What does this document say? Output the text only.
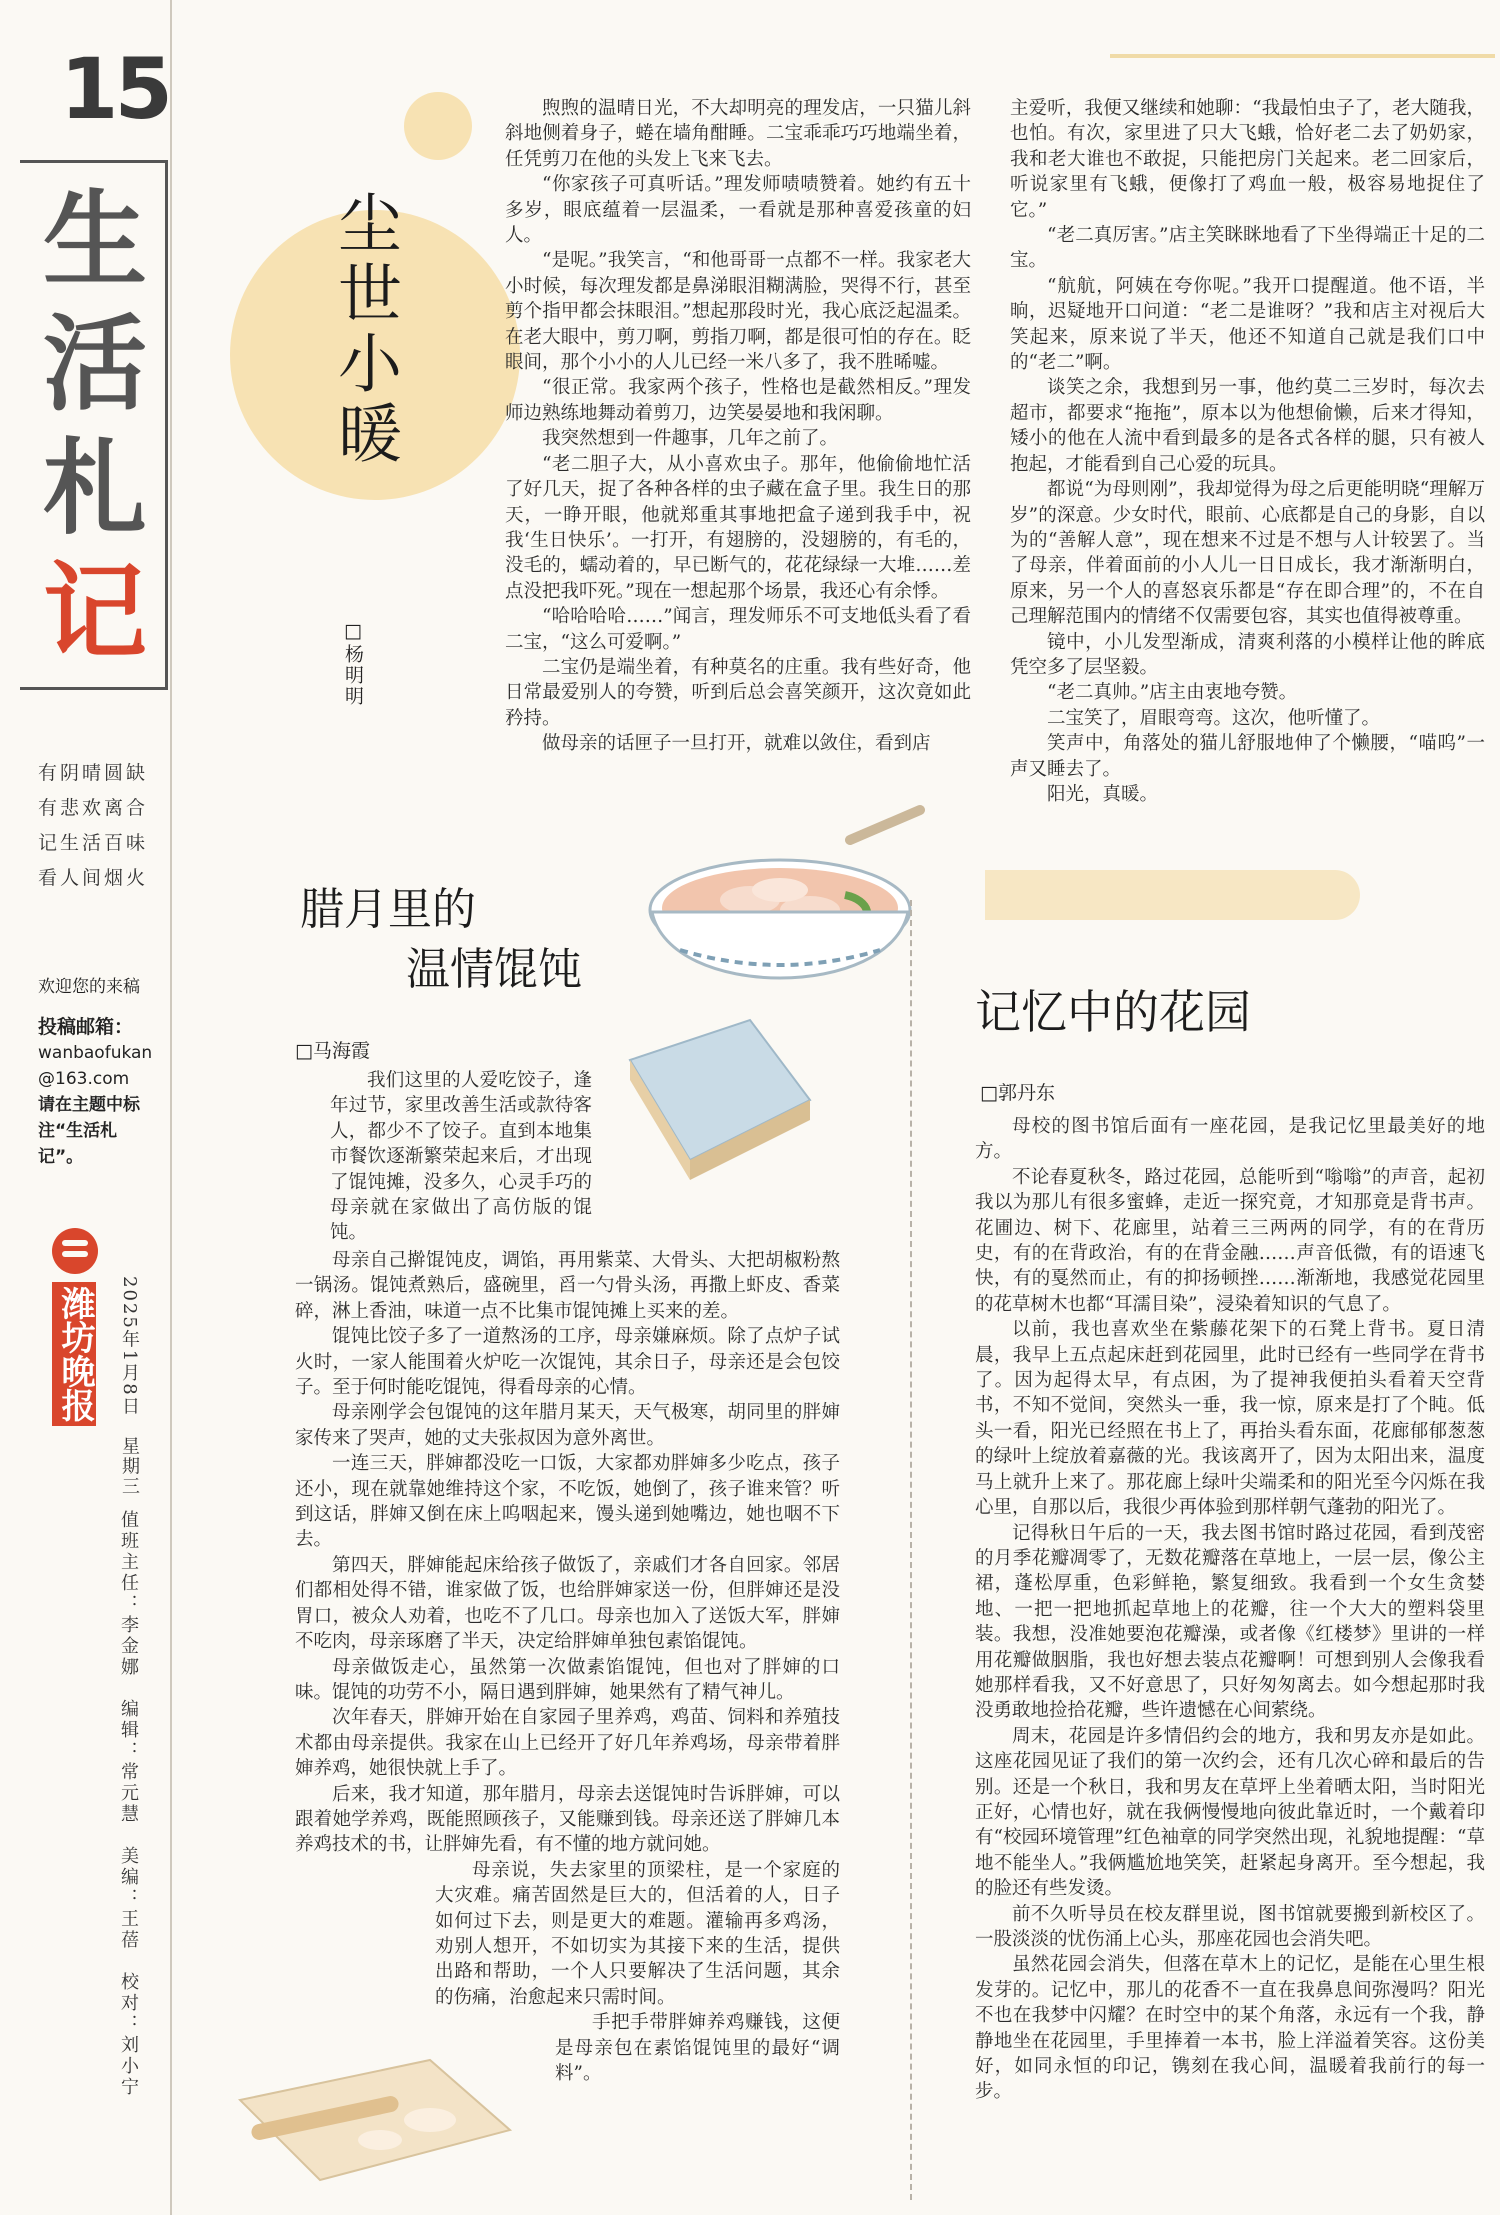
15
生
活
札
记
有阴晴圆缺
有悲欢离合
记生活百味
看人间烟火
欢迎您的来稿
投稿邮箱：
wanbaofukan@163.com
请在主题中标注“生活札记”。
潍坊晚报 2025年1月8日　星期三
值班主任：李金娜　编辑：常元慧　美编：王蓓　校对：刘小宁
尘世小暖
□杨明明

煦煦的温晴日光，不大却明亮的理发店，一只猫儿斜斜地侧着身子，蜷在墙角酣睡。二宝乖乖巧巧地端坐着，任凭剪刀在他的头发上飞来飞去。

“你家孩子可真听话。”理发师啧啧赞着。她约有五十多岁，眼底蕴着一层温柔，一看就是那种喜爱孩童的妇人。

“是呢。”我笑言，“和他哥哥一点都不一样。我家老大小时候，每次理发都是鼻涕眼泪糊满脸，哭得不行，甚至剪个指甲都会抹眼泪。”想起那段时光，我心底泛起温柔。在老大眼中，剪刀啊，剪指刀啊，都是很可怕的存在。眨眼间，那个小小的人儿已经一米八多了，我不胜晞嘘。

“很正常。我家两个孩子，性格也是截然相反。”理发师边熟练地舞动着剪刀，边笑晏晏地和我闲聊。

我突然想到一件趣事，几年之前了。

“老二胆子大，从小喜欢虫子。那年，他偷偷地忙活了好几天，捉了各种各样的虫子藏在盒子里。我生日的那天，一睁开眼，他就郑重其事地把盒子递到我手中，祝我‘生日快乐’。一打开，有翅膀的，没翅膀的，有毛的，没毛的，蠕动着的，早已断气的，花花绿绿一大堆……差点没把我吓死。”现在一想起那个场景，我还心有余悸。

“哈哈哈哈……”闻言，理发师乐不可支地低头看了看二宝，“这么可爱啊。”

二宝仍是端坐着，有种莫名的庄重。我有些好奇，他日常最爱别人的夸赞，听到后总会喜笑颜开，这次竟如此矜持。

做母亲的话匣子一旦打开，就难以敛住，看到店

主爱听，我便又继续和她聊：“我最怕虫子了，老大随我，也怕。有次，家里进了只大飞蛾，恰好老二去了奶奶家，我和老大谁也不敢捉，只能把房门关起来。老二回家后，听说家里有飞蛾，便像打了鸡血一般，极容易地捉住了它。”

“老二真厉害。”店主笑眯眯地看了下坐得端正十足的二宝。

“航航，阿姨在夸你呢。”我开口提醒道。他不语，半晌，迟疑地开口问道：“老二是谁呀？”我和店主对视后大笑起来，原来说了半天，他还不知道自己就是我们口中的“老二”啊。

谈笑之余，我想到另一事，他约莫二三岁时，每次去超市，都要求“拖拖”，原本以为他想偷懒，后来才得知，矮小的他在人流中看到最多的是各式各样的腿，只有被人抱起，才能看到自己心爱的玩具。

都说“为母则刚”，我却觉得为母之后更能明晓“理解万岁”的深意。少女时代，眼前、心底都是自己的身影，自以为的“善解人意”，现在想来不过是不想与人计较罢了。当了母亲，伴着面前的小人儿一日日成长，我才渐渐明白，原来，另一个人的喜怒哀乐都是“存在即合理”的，不在自己理解范围内的情绪不仅需要包容，其实也值得被尊重。

镜中，小儿发型渐成，清爽利落的小模样让他的眸底凭空多了层坚毅。

“老二真帅。”店主由衷地夸赞。

二宝笑了，眉眼弯弯。这次，他听懂了。

笑声中，角落处的猫儿舒服地伸了个懒腰，“喵呜”一声又睡去了。

阳光，真暖。

腊月里的
温情馄饨
□马海霞

我们这里的人爱吃饺子，逢年过节，家里改善生活或款待客人，都少不了饺子。直到本地集市餐饮逐渐繁荣起来后，才出现了馄饨摊，没多久，心灵手巧的母亲就在家做出了高仿版的馄饨。

母亲自己擀馄饨皮，调馅，再用紫菜、大骨头、大把胡椒粉熬一锅汤。馄饨煮熟后，盛碗里，舀一勺骨头汤，再撒上虾皮、香菜碎，淋上香油，味道一点不比集市馄饨摊上买来的差。

馄饨比饺子多了一道熬汤的工序，母亲嫌麻烦。除了点炉子试火时，一家人能围着火炉吃一次馄饨，其余日子，母亲还是会包饺子。至于何时能吃馄饨，得看母亲的心情。

母亲刚学会包馄饨的这年腊月某天，天气极寒，胡同里的胖婶家传来了哭声，她的丈夫张叔因为意外离世。

一连三天，胖婶都没吃一口饭，大家都劝胖婶多少吃点，孩子还小，现在就靠她维持这个家，不吃饭，她倒了，孩子谁来管？听到这话，胖婶又倒在床上呜咽起来，馒头递到她嘴边，她也咽不下去。

第四天，胖婶能起床给孩子做饭了，亲戚们才各自回家。邻居们都相处得不错，谁家做了饭，也给胖婶家送一份，但胖婶还是没胃口，被众人劝着，也吃不了几口。母亲也加入了送饭大军，胖婶不吃肉，母亲琢磨了半天，决定给胖婶单独包素馅馄饨。

母亲做饭走心，虽然第一次做素馅馄饨，但也对了胖婶的口味。馄饨的功劳不小，隔日遇到胖婶，她果然有了精气神儿。

次年春天，胖婶开始在自家园子里养鸡，鸡苗、饲料和养殖技术都由母亲提供。我家在山上已经开了好几年养鸡场，母亲带着胖婶养鸡，她很快就上手了。

后来，我才知道，那年腊月，母亲去送馄饨时告诉胖婶，可以跟着她学养鸡，既能照顾孩子，又能赚到钱。母亲还送了胖婶几本养鸡技术的书，让胖婶先看，有不懂的地方就问她。

母亲说，失去家里的顶梁柱，是一个家庭的大灾难。痛苦固然是巨大的，但活着的人，日子如何过下去，则是更大的难题。灌输再多鸡汤，劝别人想开，不如切实为其接下来的生活，提供出路和帮助，一个人只要解决了生活问题，其余的伤痛，治愈起来只需时间。

手把手带胖婶养鸡赚钱，这便是母亲包在素馅馄饨里的最好“调料”。

记忆中的花园
□郭丹东

母校的图书馆后面有一座花园，是我记忆里最美好的地方。

不论春夏秋冬，路过花园，总能听到“嗡嗡”的声音，起初我以为那儿有很多蜜蜂，走近一探究竟，才知那竟是背书声。花圃边、树下、花廊里，站着三三两两的同学，有的在背历史，有的在背政治，有的在背金融……声音低微，有的语速飞快，有的戛然而止，有的抑扬顿挫……渐渐地，我感觉花园里的花草树木也都“耳濡目染”，浸染着知识的气息了。

以前，我也喜欢坐在紫藤花架下的石凳上背书。夏日清晨，我早上五点起床赶到花园里，此时已经有一些同学在背书了。因为起得太早，有点困，为了提神我便拍头看着天空背书，不知不觉间，突然头一垂，我一惊，原来是打了个盹。低头一看，阳光已经照在书上了，再抬头看东面，花廊郁郁葱葱的绿叶上绽放着嘉薇的光。我该离开了，因为太阳出来，温度马上就升上来了。那花廊上绿叶尖端柔和的阳光至今闪烁在我心里，自那以后，我很少再体验到那样朝气蓬勃的阳光了。

记得秋日午后的一天，我去图书馆时路过花园，看到茂密的月季花瓣凋零了，无数花瓣落在草地上，一层一层，像公主裙，蓬松厚重，色彩鲜艳，繁复细致。我看到一个女生贪婪地、一把一把地抓起草地上的花瓣，往一个大大的塑料袋里装。我想，没准她要泡花瓣澡，或者像《红楼梦》里讲的一样用花瓣做胭脂，我也好想去装点花瓣啊！可想到别人会像我看她那样看我，又不好意思了，只好匆匆离去。如今想起那时我没勇敢地捡拾花瓣，些许遗憾在心间萦绕。

周末，花园是许多情侣约会的地方，我和男友亦是如此。这座花园见证了我们的第一次约会，还有几次心碎和最后的告别。还是一个秋日，我和男友在草坪上坐着晒太阳，当时阳光正好，心情也好，就在我俩慢慢地向彼此靠近时，一个戴着印有“校园环境管理”红色袖章的同学突然出现，礼貌地提醒：“草地不能坐人。”我俩尴尬地笑笑，赶紧起身离开。至今想起，我的脸还有些发烫。

前不久听导员在校友群里说，图书馆就要搬到新校区了。一股淡淡的忧伤涌上心头，那座花园也会消失吧。

虽然花园会消失，但落在草木上的记忆，是能在心里生根发芽的。记忆中，那儿的花香不一直在我鼻息间弥漫吗？阳光不也在我梦中闪耀？在时空中的某个角落，永远有一个我，静静地坐在花园里，手里捧着一本书，脸上洋溢着笑容。这份美好，如同永恒的印记，镌刻在我心间，温暖着我前行的每一步。
